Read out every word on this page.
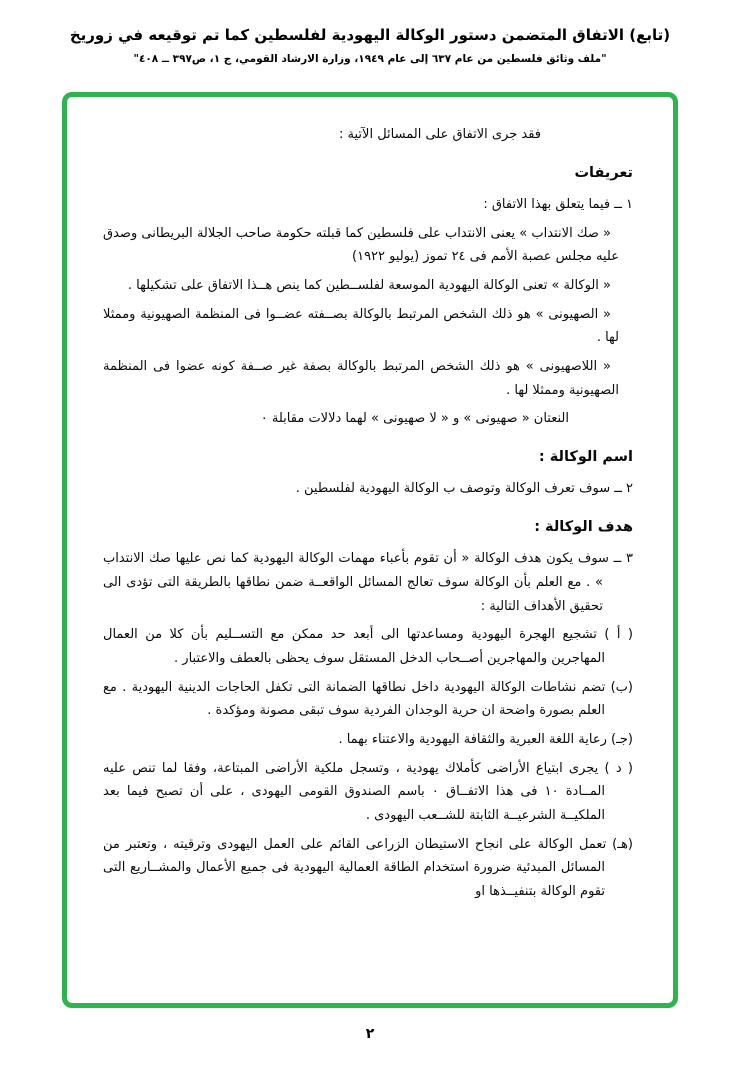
(تابع) الاتفاق المتضمن دستور الوكالة اليهودية لفلسطين كما تم توقيعه في زوريخ
"ملف وثائق فلسطين من عام ٦٣٧ إلى عام ١٩٤٩، وزارة الارشاد القومي، ج ١، ص٣٩٧ ــ ٤٠٨"
فقد جرى الاتفاق على المسائل الآتية :
تعريفات
١ ــ فيما يتعلق بهذا الاتفاق :
« صك الانتداب » يعنى الانتداب على فلسطين كما قبلته حكومة صاحب الجلالة البريطانى وصدق عليه مجلس عصبة الأمم فى ٢٤ تموز (يوليو ١٩٢٢)
« الوكالة » تعنى الوكالة اليهودية الموسعة لفلســطين كما ينص هــذا الاتفاق على تشكيلها .
« الصهيونى » هو ذلك الشخص المرتبط بالوكالة بصــفته عضــوا فى المنظمة الصهيونية وممثلا لها .
« اللاصهيونى » هو ذلك الشخص المرتبط بالوكالة بصفة غير صــفة كونه عضوا فى المنظمة الصهيونية وممثلا لها .
النعتان « صهيونى » و « لا صهيونى » لهما دلالات مقابلة ٠
اسم الوكالة :
٢ ــ سوف تعرف الوكالة وتوصف ب الوكالة اليهودية لفلسطين .
هدف الوكالة :
٣ ــ سوف يكون هدف الوكالة « أن تقوم بأعباء مهمات الوكالة اليهودية كما نص عليها صك الانتداب » . مع العلم بأن الوكالة سوف تعالج المسائل الواقعــة ضمن نطاقها بالطريقة التى تؤدى الى تحقيق الأهداف التالية :
( أ ) تشجيع الهجرة اليهودية ومساعدتها الى أبعد حد ممكن مع التســليم بأن كلا من العمال المهاجرين والمهاجرين أصــحاب الدخل المستقل سوف يحظى بالعطف والاعتبار .
(ب) تضم نشاطات الوكالة اليهودية داخل نطاقها الضمانة التى تكفل الحاجات الدينية اليهودية . مع العلم بصورة واضحة ان حرية الوجدان الفردية سوف تبقى مصونة ومؤكدة .
(جـ) رعاية اللغة العبرية والثقافة اليهودية والاعتناء بهما .
( د ) يجرى ابتياع الأراضى كأملاك يهودية ، وتسجل ملكية الأراضى المبتاعة، وفقا لما تنص عليه المــادة ١٠ فى هذا الاتفــاق ٠ باسم الصندوق القومى اليهودى ، على أن تصبح فيما بعد الملكيــة الشرعيــة الثابتة للشــعب اليهودى .
(هـ) تعمل الوكالة على انجاح الاستيطان الزراعى القائم على العمل اليهودى وترقيته ، وتعتبر من المسائل المبدئية ضرورة استخدام الطاقة العمالية اليهودية فى جميع الأعمال والمشــاريع التى تقوم الوكالة بتنفيــذها او
٢
